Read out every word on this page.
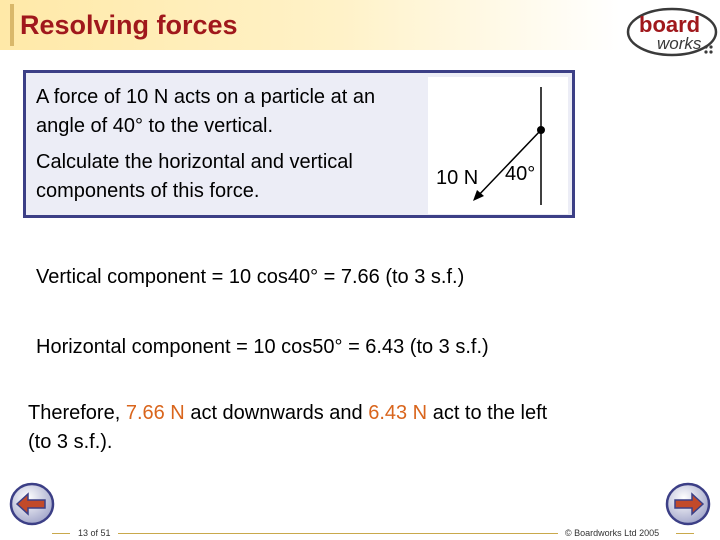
Resolving forces	board
works
A force of 10 N acts on a particle at an angle of 40° to the vertical.
Calculate the horizontal and vertical components of this force.
10 N 40°
Vertical component = 10 cos40° = 7.66 (to 3 s.f.)
Horizontal component = 10 cos50° = 6.43 (to 3 s.f.)
Therefore, 7.66 N act downwards and 6.43 N act to the left
(to 3 s.f.).
13 of 51	© Boardworks Ltd 2005
